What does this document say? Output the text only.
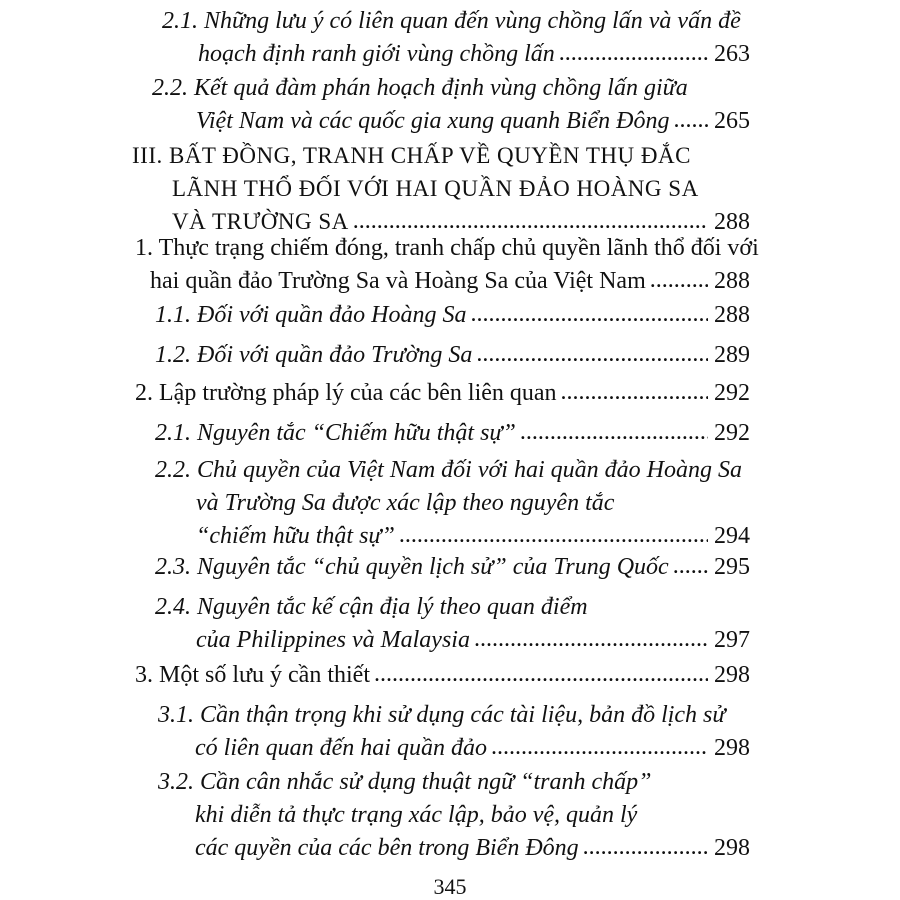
2.1. Những lưu ý có liên quan đến vùng chồng lấn và vấn đề
hoạch định ranh giới vùng chồng lấn . . .	263
2.2. Kết quả đàm phán hoạch định vùng chồng lấn giữa
Việt Nam và các quốc gia xung quanh Biển Đông . . . 265
III. BẤT ĐỒNG, TRANH CHẤP VỀ QUYỀN THỤ ĐẮC
LÃNH THỔ ĐỐI VỚI HAI QUẦN ĐẢO HOÀNG SA
VÀ TRƯỜNG SA . . .	288
1. Thực trạng chiếm đóng, tranh chấp chủ quyền lãnh thổ đối với
hai quần đảo Trường Sa và Hoàng Sa của Việt Nam . . .	288
1.1. Đối với quần đảo Hoàng Sa . . .	288
1.2. Đối với quần đảo Trường Sa . . .	289
2. Lập trường pháp lý của các bên liên quan . . .	292
2.1. Nguyên tắc “Chiếm hữu thật sự” . . .	292
2.2. Chủ quyền của Việt Nam đối với hai quần đảo Hoàng Sa
và Trường Sa được xác lập theo nguyên tắc
“chiếm hữu thật sự” . . .	294
2.3. Nguyên tắc “chủ quyền lịch sử” của Trung Quốc . . . 295
2.4. Nguyên tắc kế cận địa lý theo quan điểm
của Philippines và Malaysia . . .	297
3. Một số lưu ý cần thiết . . .	298
3.1. Cần thận trọng khi sử dụng các tài liệu, bản đồ lịch sử
có liên quan đến hai quần đảo . . .	298
3.2. Cần cân nhắc sử dụng thuật ngữ “tranh chấp”
khi diễn tả thực trạng xác lập, bảo vệ, quản lý
các quyền của các bên trong Biển Đông . . .	298
345
